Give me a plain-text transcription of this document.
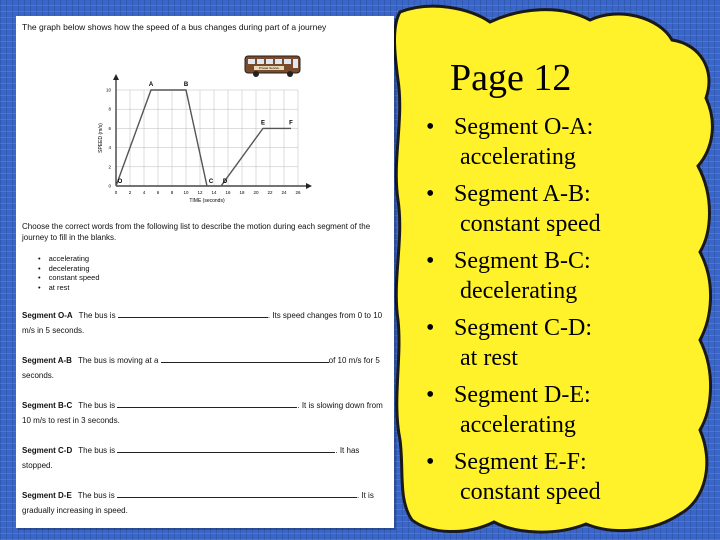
The graph below shows how the speed of a bus changes during part of a journey
Private Service
0	2	4	6	8 10 12 14 16 18 20 22 24 26
0
2
4
6
8
10
O
A	B
C D
E	F
TIME (seconds)
SPEED (m/s)
Choose the correct words from the following list to describe the motion during each segment of the journey to fill in the blanks.
• accelerating
• decelerating
• constant speed
• at rest
Segment O-A The bus is	. Its speed changes from 0 to 10 m/s in 5 seconds.
Segment A-B The bus is moving at a	of 10 m/s for 5 seconds.
Segment B-C The bus is	. It is slowing down from 10 m/s to rest in 3 seconds.
Segment C-D The bus is	. It has stopped.
Segment D-E The bus is	. It is gradually increasing in speed.
Page 12
• Segment O-A:
accelerating
• Segment A-B:
constant speed
• Segment B-C:
decelerating
• Segment C-D:
at rest
• Segment D-E:
accelerating
• Segment E-F:
constant speed
